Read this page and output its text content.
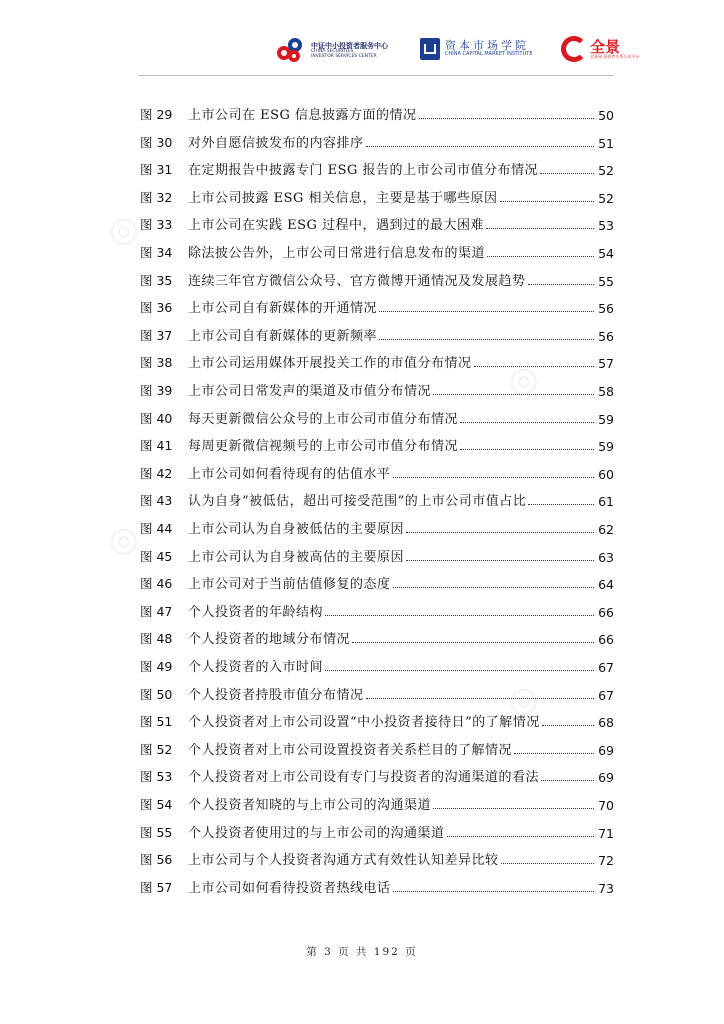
中证中小投资者服务中心
CHINA SECURITIES
INVESTOR SERVICES CENTER
资本市场学院
CHINA CAPITAL MARKET INSTITUTE	全景
全景网 投资者关系互动平台
◎
◎
◎
◎
图 29	上市公司在 ESG 信息披露方面的情况	50
图 30	对外自愿信披发布的内容排序	51
图 31	在定期报告中披露专门 ESG 报告的上市公司市值分布情况	52
图 32	上市公司披露 ESG 相关信息，主要是基于哪些原因	52
图 33	上市公司在实践 ESG 过程中，遇到过的最大困难	53
图 34	除法披公告外，上市公司日常进行信息发布的渠道	54
图 35	连续三年官方微信公众号、官方微博开通情况及发展趋势	55
图 36	上市公司自有新媒体的开通情况	56
图 37	上市公司自有新媒体的更新频率	56
图 38	上市公司运用媒体开展投关工作的市值分布情况	57
图 39	上市公司日常发声的渠道及市值分布情况	58
图 40	每天更新微信公众号的上市公司市值分布情况	59
图 41	每周更新微信视频号的上市公司市值分布情况	59
图 42	上市公司如何看待现有的估值水平	60
图 43	认为自身“被低估，超出可接受范围”的上市公司市值占比	61
图 44	上市公司认为自身被低估的主要原因	62
图 45	上市公司认为自身被高估的主要原因	63
图 46	上市公司对于当前估值修复的态度	64
图 47	个人投资者的年龄结构	66
图 48	个人投资者的地域分布情况	66
图 49	个人投资者的入市时间	67
图 50	个人投资者持股市值分布情况	67
图 51	个人投资者对上市公司设置“中小投资者接待日”的了解情况	68
图 52	个人投资者对上市公司设置投资者关系栏目的了解情况	69
图 53	个人投资者对上市公司设有专门与投资者的沟通渠道的看法	69
图 54	个人投资者知晓的与上市公司的沟通渠道	70
图 55	个人投资者使用过的与上市公司的沟通渠道	71
图 56	上市公司与个人投资者沟通方式有效性认知差异比较	72
图 57	上市公司如何看待投资者热线电话	73
第 3 页 共 192 页
